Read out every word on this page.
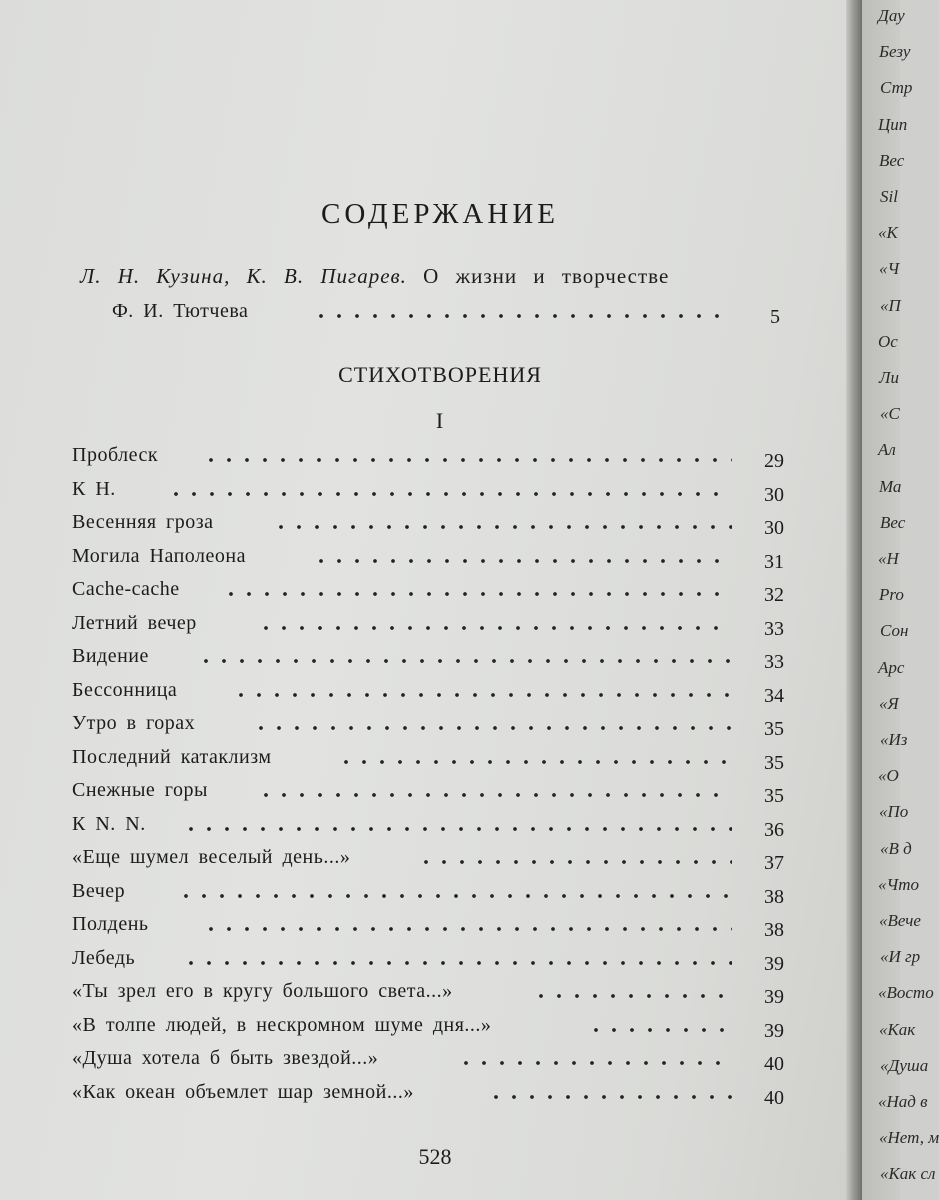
СОДЕРЖАНИЕ
Л. Н. Кузина, К. В. Пигарев. О жизни и творчестве
Ф. И. Тютчева	5
СТИХОТВОРЕНИЯ
I
Проблеск	29
К Н.	30
Весенняя гроза	30
Могила Наполеона	31
Cache-cache	32
Летний вечер	33
Видение	33
Бессонница	34
Утро в горах	35
Последний катаклизм	35
Снежные горы	35
К N. N.	36
«Еще шумел веселый день...»	37
Вечер	38
Полдень	38
Лебедь	39
«Ты зрел его в кругу большого света...»	39
«В толпе людей, в нескромном шуме дня...»	39
«Душа хотела б быть звездой...»	40
«Как океан объемлет шар земной...»	40
528
Дау
Безу
Стр
Цип
Вес
Sil
«К
«Ч
«П
Ос
Ли
«С
Ал
Ма
Вес
«Н
Pro
Сон
Арс
«Я
«Из
«О
«По
«В д
«Что
«Вече
«И гр
«Восто
«Как
«Душа
«Над в
«Нет, м
«Как сл
